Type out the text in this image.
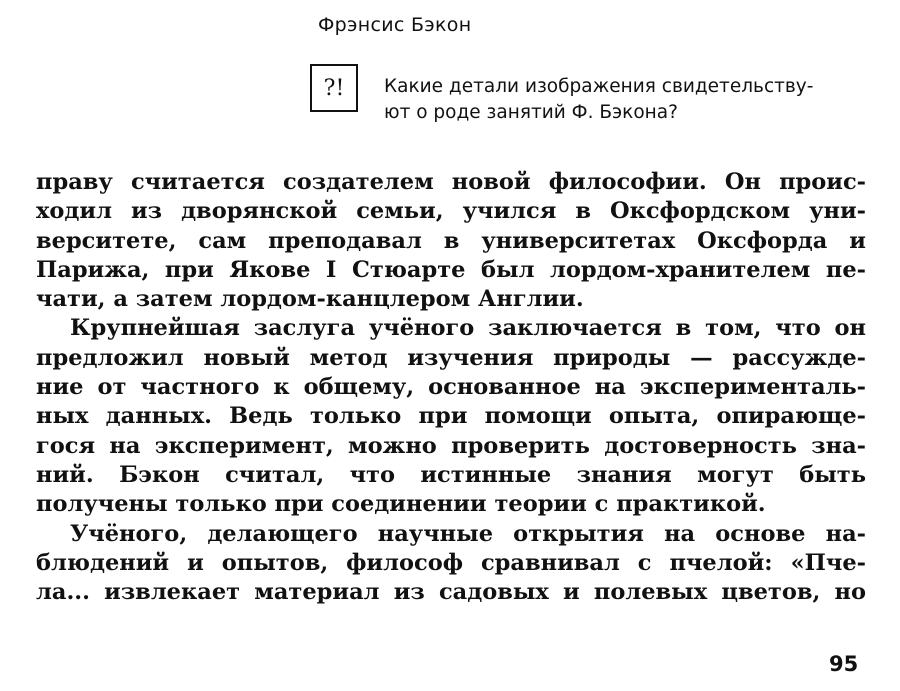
Фрэнсис Бэкон
?!	Какие детали изображения свидетельству-
ют о роде занятий Ф. Бэкона?
праву считается создателем новой философии. Он проис-
ходил из дворянской семьи, учился в Оксфордском уни-
верситете, сам преподавал в университетах Оксфорда и
Парижа, при Якове I Стюарте был лордом-хранителем пе-
чати, а затем лордом-канцлером Англии.
Крупнейшая заслуга учёного заключается в том, что он
предложил новый метод изучения природы — рассужде-
ние от частного к общему, основанное на эксперименталь-
ных данных. Ведь только при помощи опыта, опирающе-
гося на эксперимент, можно проверить достоверность зна-
ний. Бэкон считал, что истинные знания могут быть
получены только при соединении теории с практикой.
Учёного, делающего научные открытия на основе на-
блюдений и опытов, философ сравнивал с пчелой: «Пче-
ла... извлекает материал из садовых и полевых цветов, но
95
